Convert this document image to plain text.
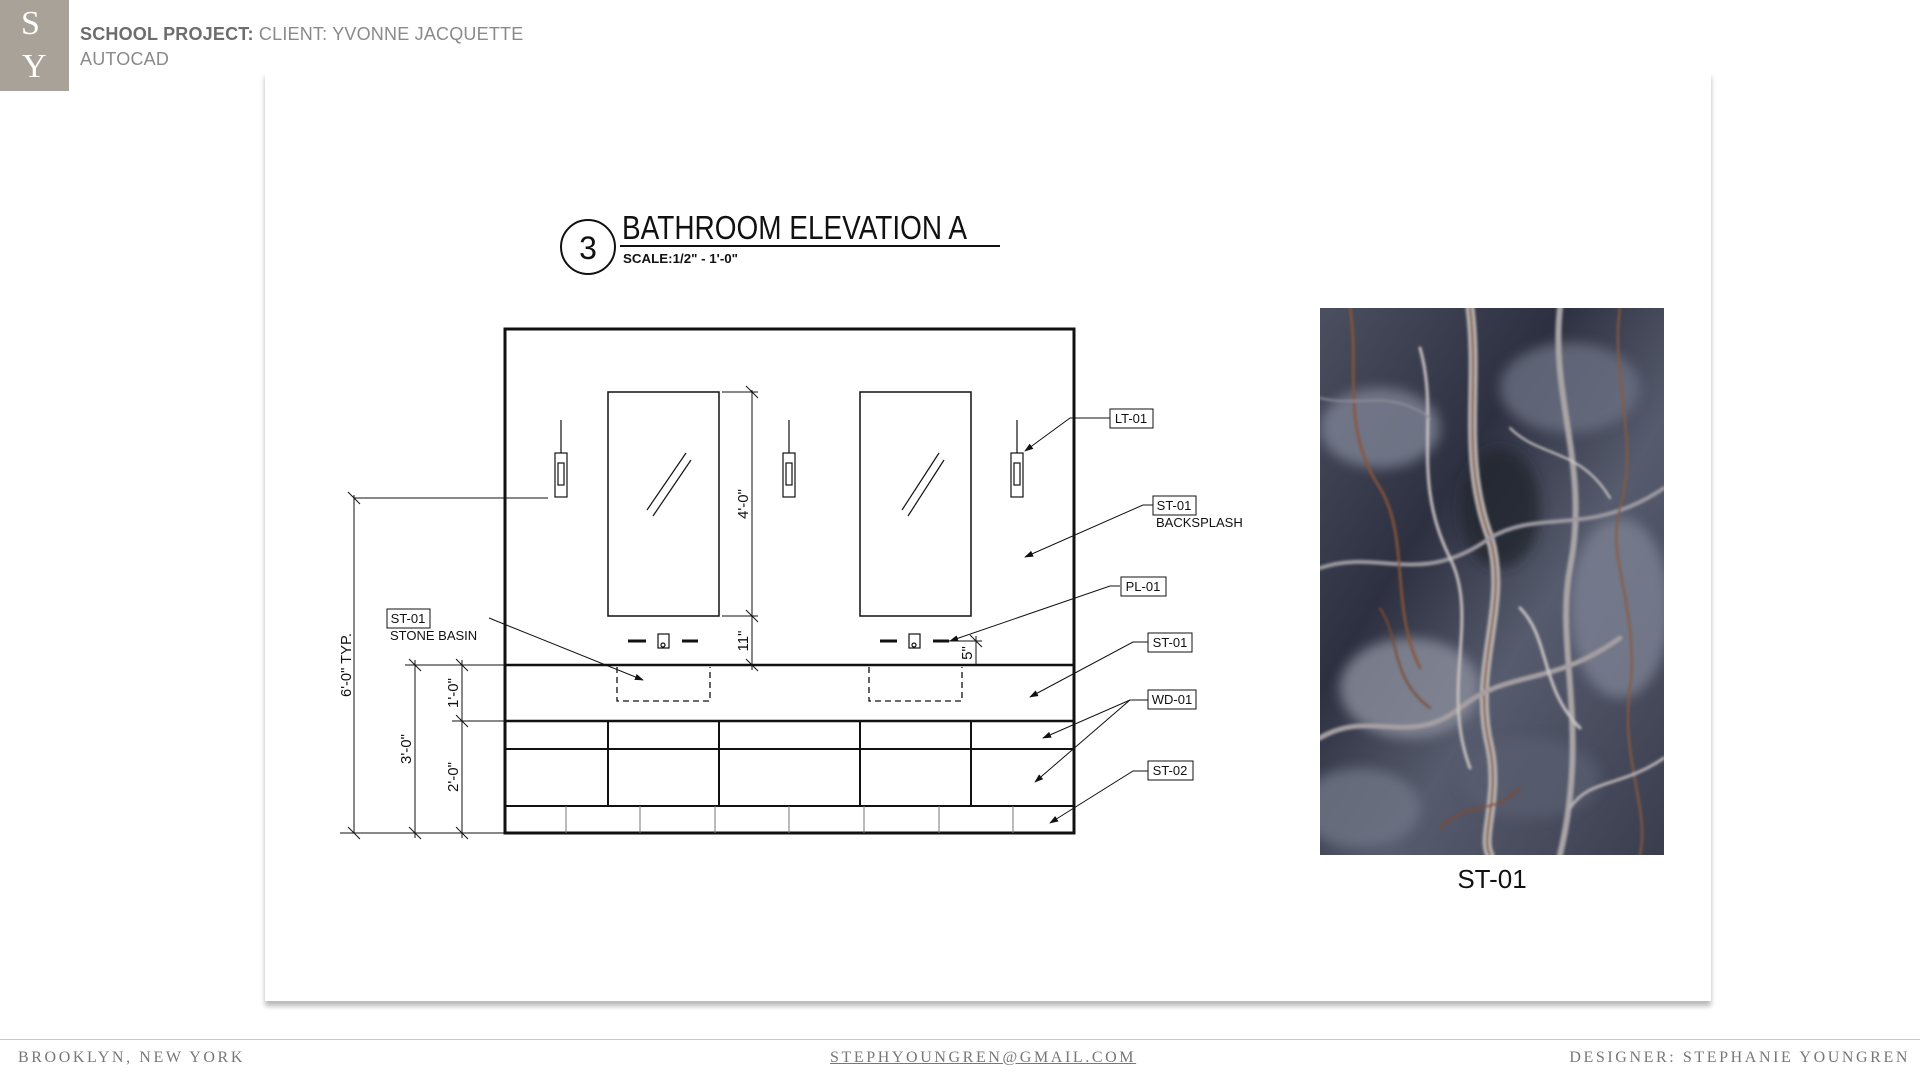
S
Y
SCHOOL PROJECT: CLIENT: YVONNE JACQUETTE
AUTOCAD
3
BATHROOM ELEVATION A
SCALE:1/2" - 1'-0"
6'-0" TYP.
3'-0"
1'-0"
2'-0"
4'-0"
11"
5"
LT-01
ST-01
BACKSPLASH
PL-01
ST-01
WD-01
ST-02
ST-01
STONE BASIN
ST-01
BROOKLYN, NEW YORK	STEPHYOUNGREN@GMAIL.COM	DESIGNER: STEPHANIE YOUNGREN
